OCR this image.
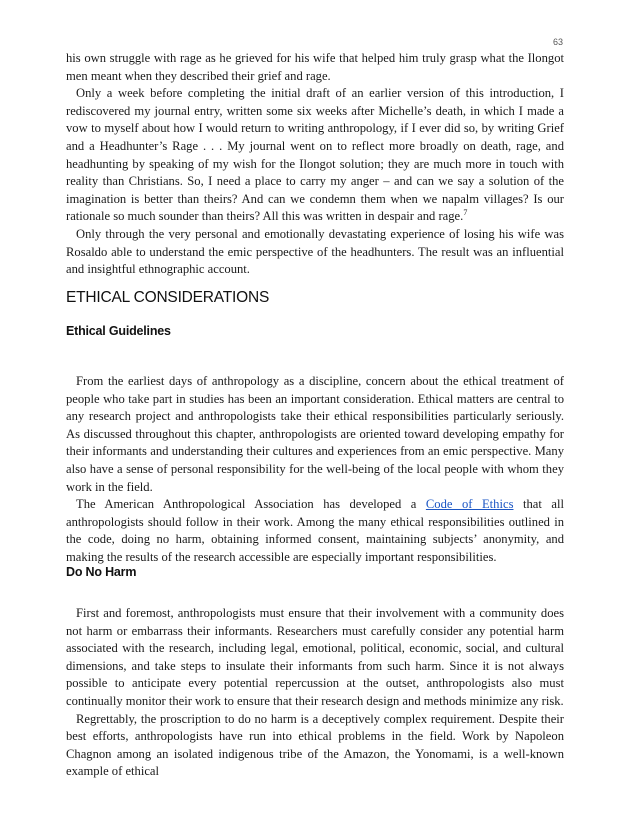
63

his own struggle with rage as he grieved for his wife that helped him truly grasp what the Ilongot men meant when they described their grief and rage.

Only a week before completing the initial draft of an earlier version of this introduction, I rediscovered my journal entry, written some six weeks after Michelle’s death, in which I made a vow to myself about how I would return to writing anthropology, if I ever did so, by writing Grief and a Headhunter’s Rage . . . My journal went on to reflect more broadly on death, rage, and headhunting by speaking of my wish for the Ilongot solution; they are much more in touch with reality than Christians. So, I need a place to carry my anger – and can we say a solution of the imagination is better than theirs? And can we condemn them when we napalm villages? Is our rationale so much sounder than theirs? All this was written in despair and rage.$^7$

Only through the very personal and emotionally devastating experience of losing his wife was Rosaldo able to understand the emic perspective of the headhunters. The result was an influential and insightful ethnographic account.

ETHICAL CONSIDERATIONS
Ethical Guidelines

From the earliest days of anthropology as a discipline, concern about the ethical treatment of people who take part in studies has been an important consideration. Ethical matters are central to any research project and anthropologists take their ethical responsibilities particularly seriously. As discussed throughout this chapter, anthropologists are oriented toward developing empathy for their informants and understanding their cultures and experiences from an emic perspective. Many also have a sense of personal responsibility for the well-being of the local people with whom they work in the field.

The American Anthropological Association has developed a Code of Ethics that all anthropologists should follow in their work. Among the many ethical responsibilities outlined in the code, doing no harm, obtaining informed consent, maintaining subjects’ anonymity, and making the results of the research accessible are especially important responsibilities.

Do No Harm

First and foremost, anthropologists must ensure that their involvement with a community does not harm or embarrass their informants. Researchers must carefully consider any potential harm associated with the research, including legal, emotional, political, economic, social, and cultural dimensions, and take steps to insulate their informants from such harm. Since it is not always possible to anticipate every potential repercussion at the outset, anthropologists also must continually monitor their work to ensure that their research design and methods minimize any risk.

Regrettably, the proscription to do no harm is a deceptively complex requirement. Despite their best efforts, anthropologists have run into ethical problems in the field. Work by Napoleon Chagnon among an isolated indigenous tribe of the Amazon, the Yonomami, is a well-known example of ethical
